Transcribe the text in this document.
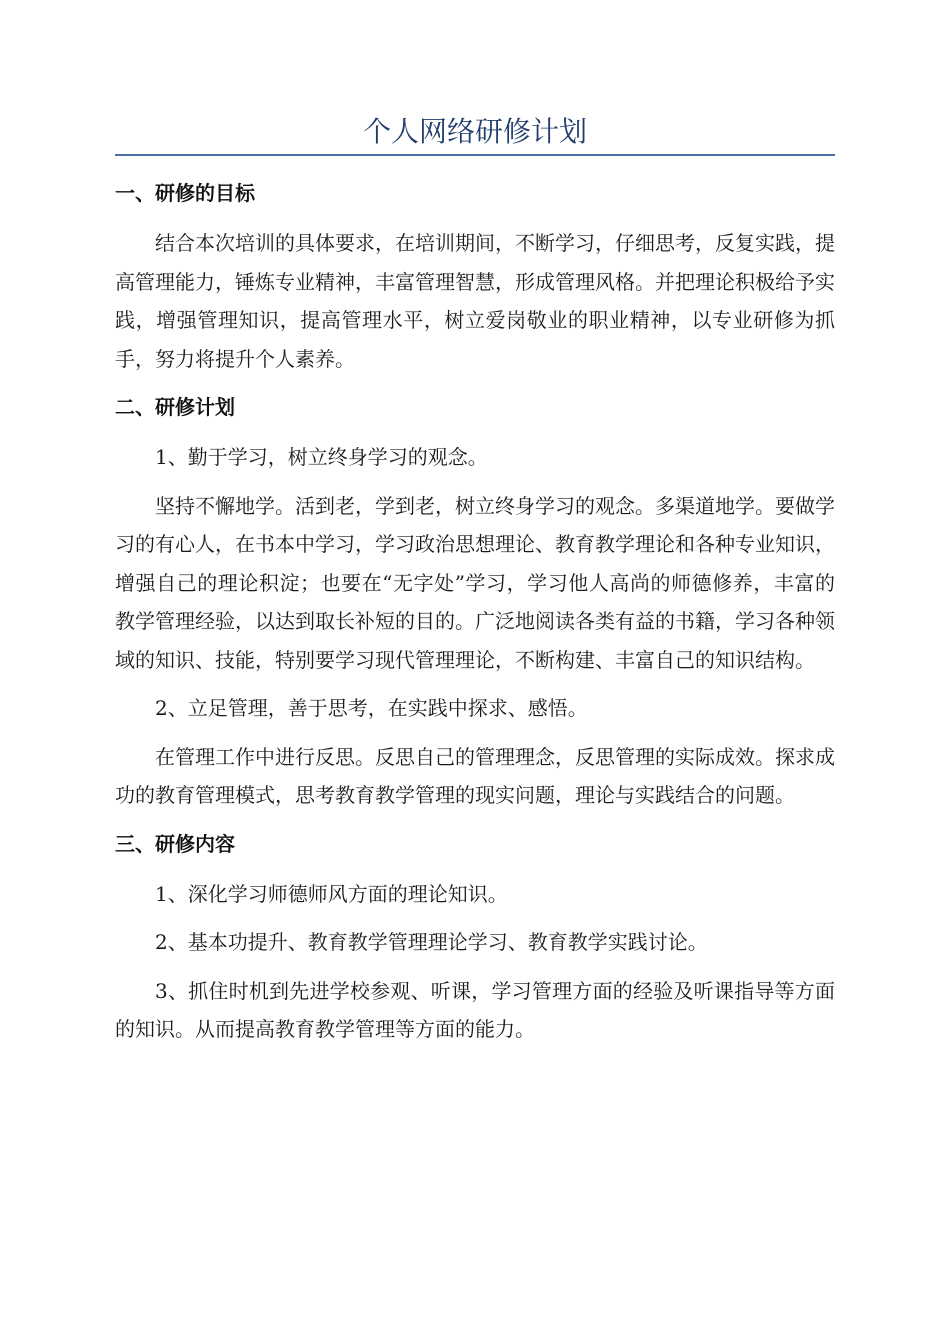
个人网络研修计划
一、研修的目标

结合本次培训的具体要求，在培训期间，不断学习，仔细思考，反复实践，提高管理能力，锤炼专业精神，丰富管理智慧，形成管理风格。并把理论积极给予实践，增强管理知识，提高管理水平，树立爱岗敬业的职业精神，以专业研修为抓手，努力将提升个人素养。

二、研修计划

1、勤于学习，树立终身学习的观念。

坚持不懈地学。活到老，学到老，树立终身学习的观念。多渠道地学。要做学习的有心人，在书本中学习，学习政治思想理论、教育教学理论和各种专业知识，增强自己的理论积淀；也要在“无字处”学习，学习他人高尚的师德修养，丰富的教学管理经验，以达到取长补短的目的。广泛地阅读各类有益的书籍，学习各种领域的知识、技能，特别要学习现代管理理论，不断构建、丰富自己的知识结构。

2、立足管理，善于思考，在实践中探求、感悟。

在管理工作中进行反思。反思自己的管理理念，反思管理的实际成效。探求成功的教育管理模式，思考教育教学管理的现实问题，理论与实践结合的问题。

三、研修内容

1、深化学习师德师风方面的理论知识。

2、基本功提升、教育教学管理理论学习、教育教学实践讨论。

3、抓住时机到先进学校参观、听课，学习管理方面的经验及听课指导等方面的知识。从而提高教育教学管理等方面的能力。
